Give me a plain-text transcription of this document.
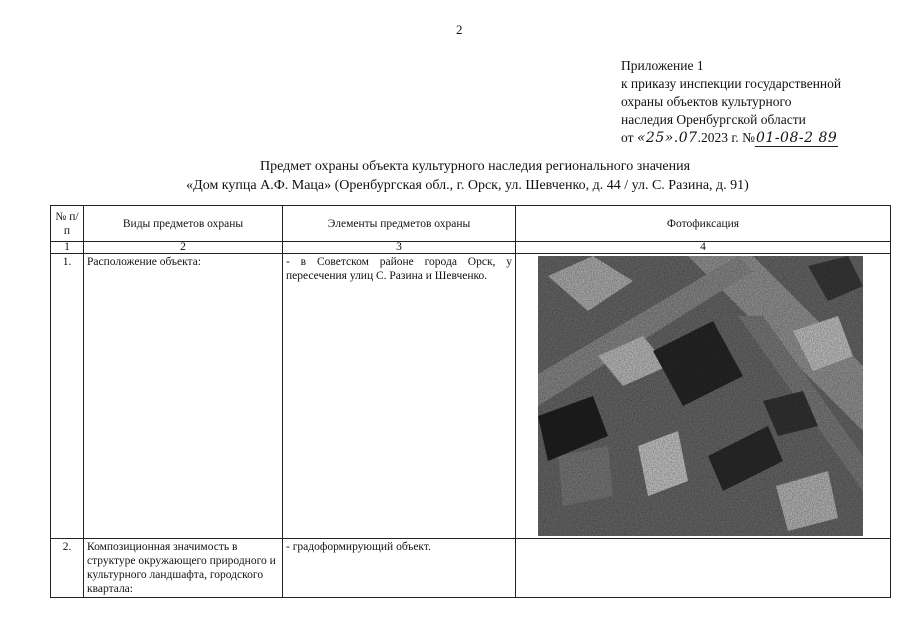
2
Приложение 1
к приказу инспекции государственной
охраны объектов культурного
наследия Оренбургской области
от «25».07.2023 г. №01-08-2 89
Предмет охраны объекта культурного наследия регионального значения
«Дом купца А.Ф. Маца» (Оренбургская обл., г. Орск, ул. Шевченко, д. 44 / ул. С. Разина, д. 91)
№ п/п	Виды предметов охраны	Элементы предметов охраны	Фотофиксация
1	2	3	4
1.	Расположение объекта:	- в Советском районе города Орск, у пересечения улиц С. Разина и Шевченко.	

2.	Композиционная значимость в структуре окружающего природного и культурного ландшафта, городского квартала:	- градоформирующий объект.	
